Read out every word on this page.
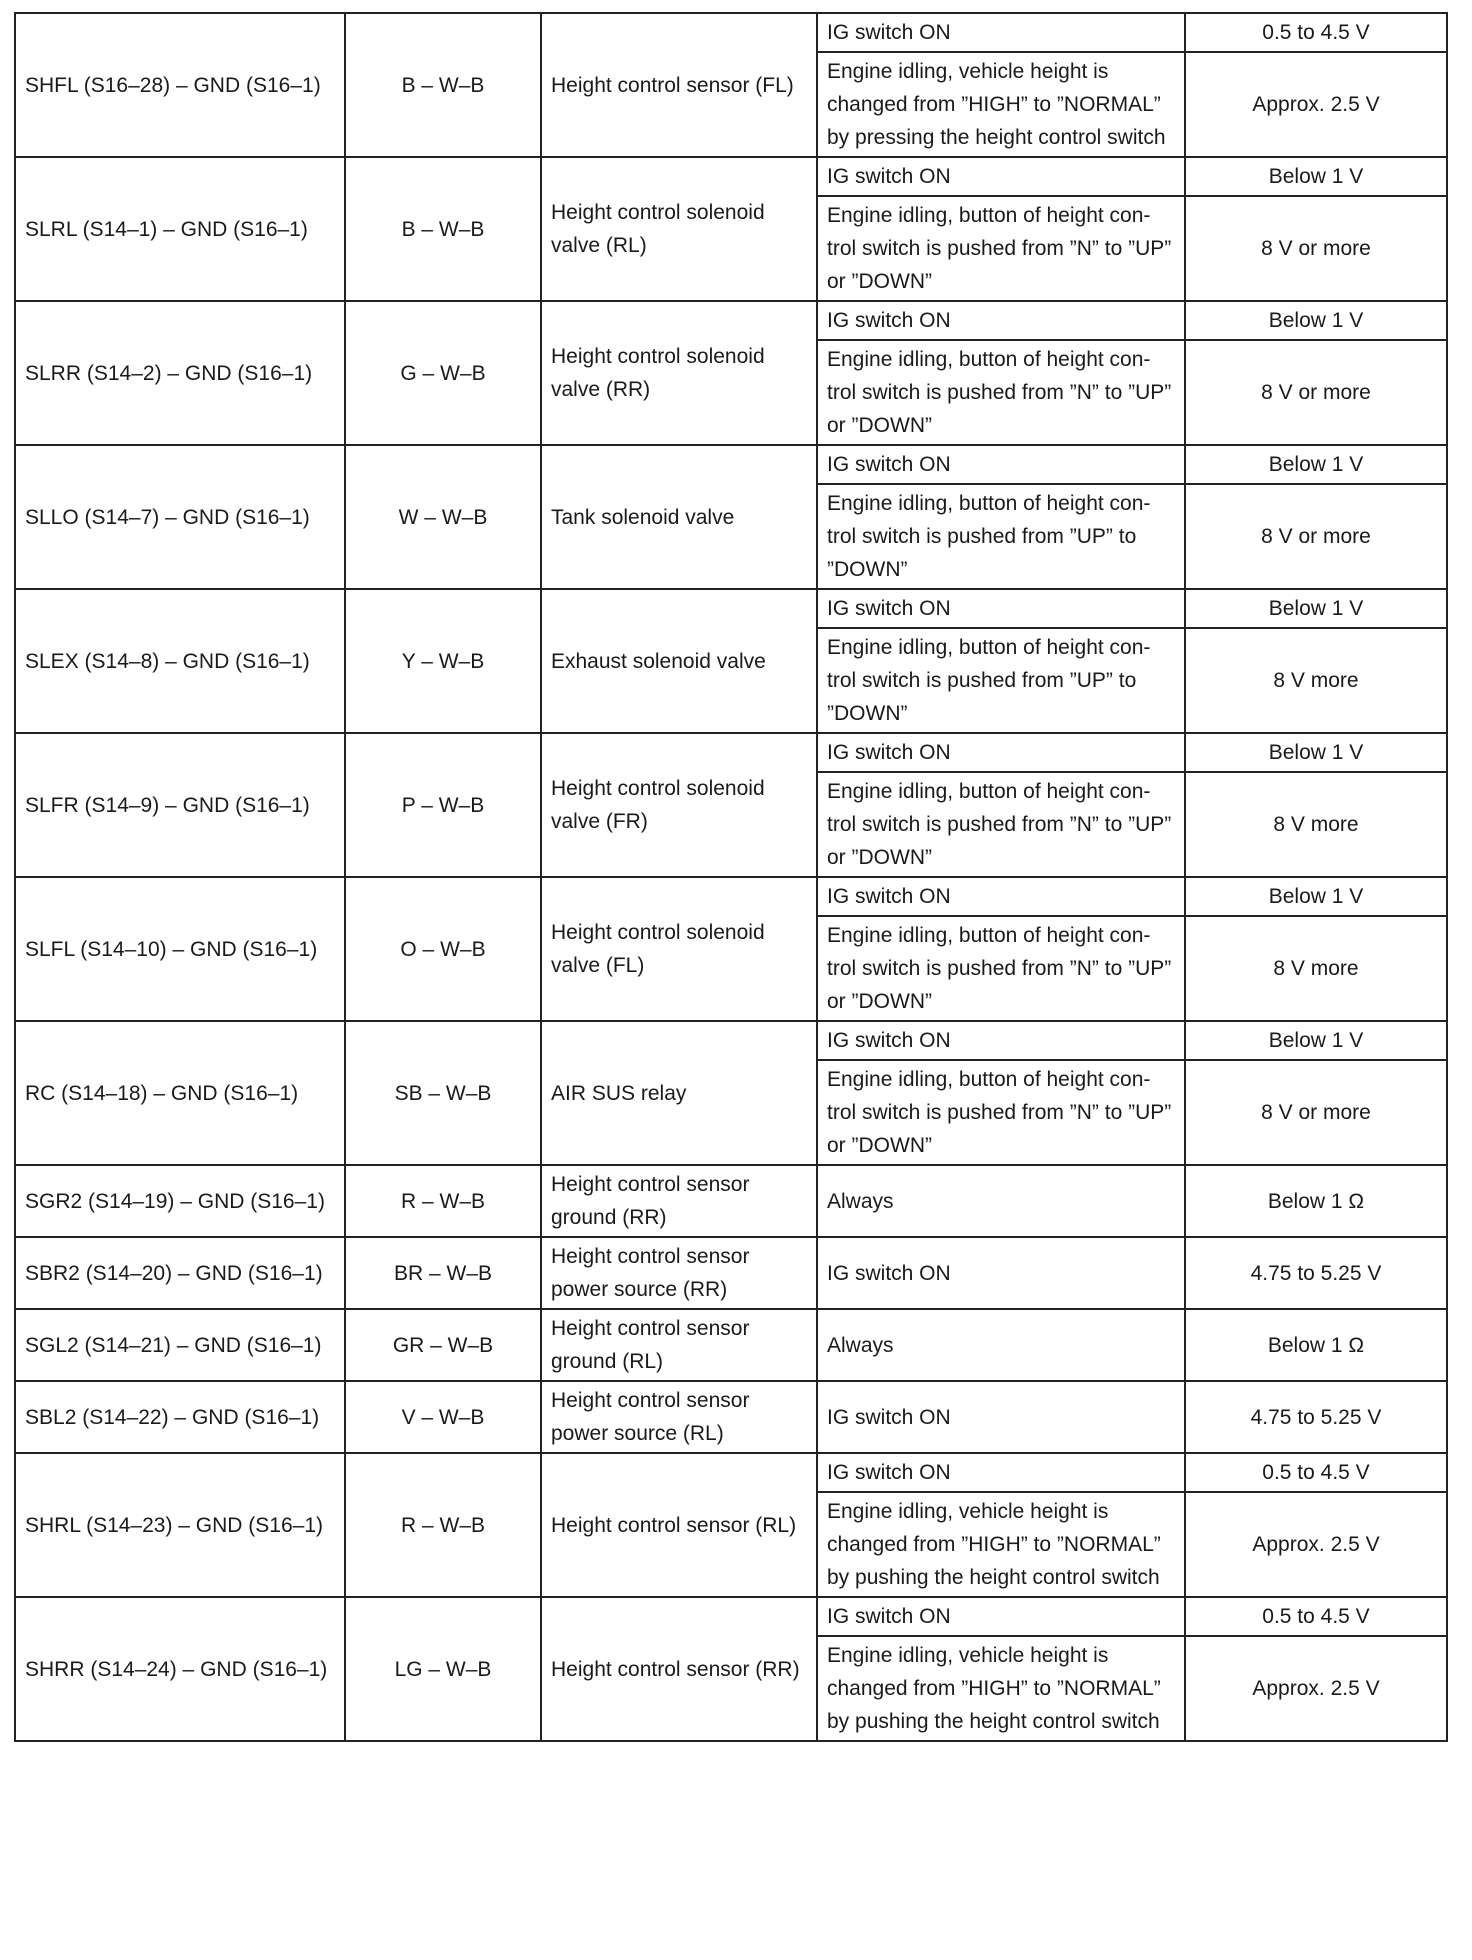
SHFL (S16–28) – GND (S16–1)	B – W–B	Height control sensor (FL)	IG switch ON	0.5 to 4.5 V
			Engine idling, vehicle height is changed from ”HIGH” to ”NORMAL” by pressing the height control switch	Approx. 2.5 V
SLRL (S14–1) – GND (S16–1)	B – W–B	Height control solenoid valve (RL)	IG switch ON	Below 1 V
			Engine idling, button of height con-trol switch is pushed from ”N” to ”UP” or ”DOWN”	8 V or more
SLRR (S14–2) – GND (S16–1)	G – W–B	Height control solenoid valve (RR)	IG switch ON	Below 1 V
			Engine idling, button of height con-trol switch is pushed from ”N” to ”UP” or ”DOWN”	8 V or more
SLLO (S14–7) – GND (S16–1)	W – W–B	Tank solenoid valve	IG switch ON	Below 1 V
			Engine idling, button of height con-trol switch is pushed from ”UP” to ”DOWN”	8 V or more
SLEX (S14–8) – GND (S16–1)	Y – W–B	Exhaust solenoid valve	IG switch ON	Below 1 V
			Engine idling, button of height con-trol switch is pushed from ”UP” to ”DOWN”	8 V more
SLFR (S14–9) – GND (S16–1)	P – W–B	Height control solenoid valve (FR)	IG switch ON	Below 1 V
			Engine idling, button of height con-trol switch is pushed from ”N” to ”UP” or ”DOWN”	8 V more
SLFL (S14–10) – GND (S16–1)	O – W–B	Height control solenoid valve (FL)	IG switch ON	Below 1 V
			Engine idling, button of height con-trol switch is pushed from ”N” to ”UP” or ”DOWN”	8 V more
RC (S14–18) – GND (S16–1)	SB – W–B	AIR SUS relay	IG switch ON	Below 1 V
			Engine idling, button of height con-trol switch is pushed from ”N” to ”UP” or ”DOWN”	8 V or more
SGR2 (S14–19) – GND (S16–1)	R – W–B	Height control sensor ground (RR)	Always	Below 1 Ω
SBR2 (S14–20) – GND (S16–1)	BR – W–B	Height control sensor power source (RR)	IG switch ON	4.75 to 5.25 V
SGL2 (S14–21) – GND (S16–1)	GR – W–B	Height control sensor ground (RL)	Always	Below 1 Ω
SBL2 (S14–22) – GND (S16–1)	V – W–B	Height control sensor power source (RL)	IG switch ON	4.75 to 5.25 V
SHRL (S14–23) – GND (S16–1)	R – W–B	Height control sensor (RL)	IG switch ON	0.5 to 4.5 V
			Engine idling, vehicle height is changed from ”HIGH” to ”NORMAL” by pushing the height control switch	Approx. 2.5 V
SHRR (S14–24) – GND (S16–1)	LG – W–B	Height control sensor (RR)	IG switch ON	0.5 to 4.5 V
			Engine idling, vehicle height is changed from ”HIGH” to ”NORMAL” by pushing the height control switch	Approx. 2.5 V
